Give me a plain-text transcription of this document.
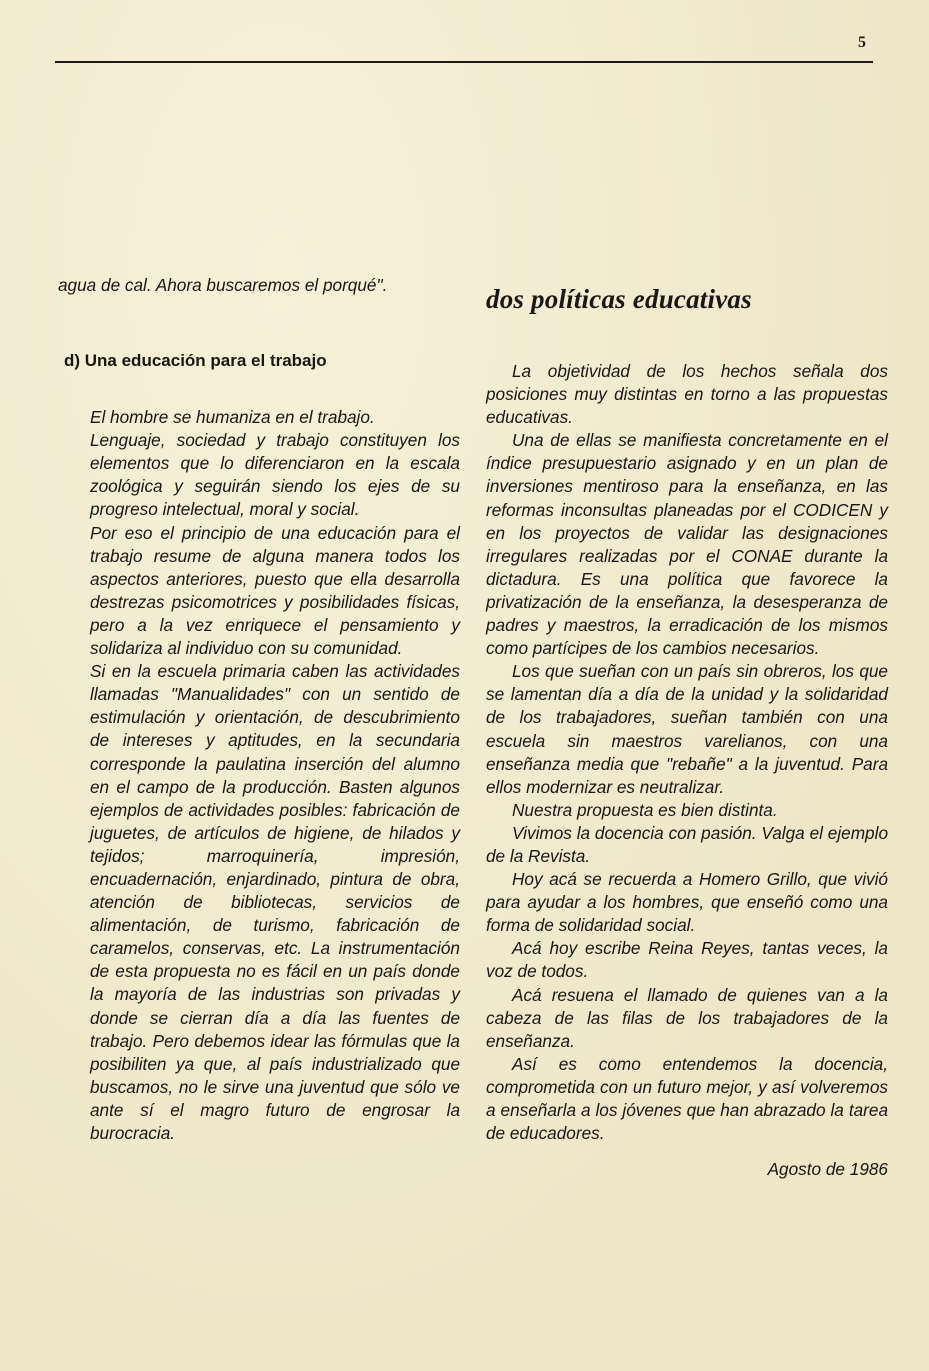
5

agua de cal. Ahora buscaremos el porqué".

d) Una educación para el trabajo

El hombre se humaniza en el trabajo.

Lenguaje, sociedad y trabajo constituyen los elementos que lo diferenciaron en la escala zoológica y seguirán siendo los ejes de su progreso intelectual, moral y social.

Por eso el principio de una educación para el trabajo resume de alguna manera todos los aspectos anteriores, puesto que ella desarrolla destrezas psicomotrices y posibilidades físicas, pero a la vez enriquece el pensamiento y solidariza al individuo con su comunidad.

Si en la escuela primaria caben las actividades llamadas "Manualidades" con un sentido de estimulación y orientación, de descubrimiento de intereses y aptitudes, en la secundaria corresponde la paulatina inserción del alumno en el campo de la producción. Basten algunos ejemplos de actividades posibles: fabricación de juguetes, de artículos de higiene, de hilados y tejidos; marroquinería, impresión, encuadernación, enjardinado, pintura de obra, atención de bibliotecas, servicios de alimentación, de turismo, fabricación de caramelos, conservas, etc. La instrumentación de esta propuesta no es fácil en un país donde la mayoría de las industrias son privadas y donde se cierran día a día las fuentes de trabajo. Pero debemos idear las fórmulas que la posibiliten ya que, al país industrializado que buscamos, no le sirve una juventud que sólo ve ante sí el magro futuro de engrosar la burocracia.

dos políticas educativas

La objetividad de los hechos señala dos posiciones muy distintas en torno a las propuestas educativas.

Una de ellas se manifiesta concretamente en el índice presupuestario asignado y en un plan de inversiones mentiroso para la enseñanza, en las reformas inconsultas planeadas por el CODICEN y en los proyectos de validar las designaciones irregulares realizadas por el CONAE durante la dictadura. Es una política que favorece la privatización de la enseñanza, la desesperanza de padres y maestros, la erradicación de los mismos como partícipes de los cambios necesarios.

Los que sueñan con un país sin obreros, los que se lamentan día a día de la unidad y la solidaridad de los trabajadores, sueñan también con una escuela sin maestros varelianos, con una enseñanza media que "rebañe" a la juventud. Para ellos modernizar es neutralizar.

Nuestra propuesta es bien distinta.

Vivimos la docencia con pasión. Valga el ejemplo de la Revista.

Hoy acá se recuerda a Homero Grillo, que vivió para ayudar a los hombres, que enseñó como una forma de solidaridad social.

Acá hoy escribe Reina Reyes, tantas veces, la voz de todos.

Acá resuena el llamado de quienes van a la cabeza de las filas de los trabajadores de la enseñanza.

Así es como entendemos la docencia, comprometida con un futuro mejor, y así volveremos a enseñarla a los jóvenes que han abrazado la tarea de educadores.

Agosto de 1986
